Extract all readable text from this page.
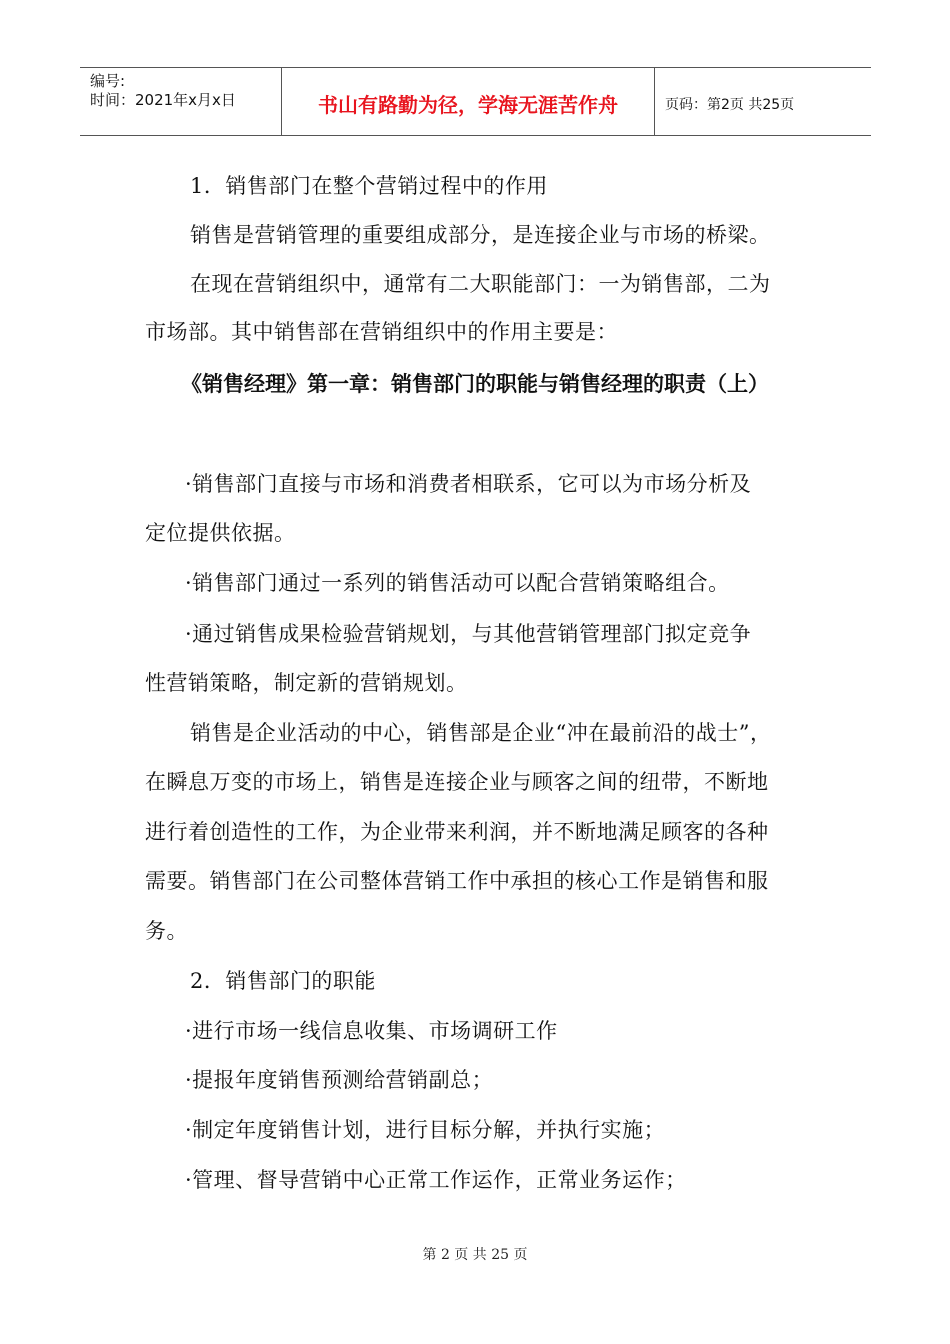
编号:
时间：2021年x月x日	书山有路勤为径，学海无涯苦作舟	页码：第2页 共25页
1．销售部门在整个营销过程中的作用
销售是营销管理的重要组成部分，是连接企业与市场的桥梁。
在现在营销组织中，通常有二大职能部门：一为销售部，二为
市场部。其中销售部在营销组织中的作用主要是：
《销售经理》第一章：销售部门的职能与销售经理的职责（上）
·销售部门直接与市场和消费者相联系，它可以为市场分析及
定位提供依据。
·销售部门通过一系列的销售活动可以配合营销策略组合。
·通过销售成果检验营销规划，与其他营销管理部门拟定竞争
性营销策略，制定新的营销规划。
销售是企业活动的中心，销售部是企业“冲在最前沿的战士”，
在瞬息万变的市场上，销售是连接企业与顾客之间的纽带，不断地
进行着创造性的工作，为企业带来利润，并不断地满足顾客的各种
需要。销售部门在公司整体营销工作中承担的核心工作是销售和服
务。
2．销售部门的职能
·进行市场一线信息收集、市场调研工作
·提报年度销售预测给营销副总；
·制定年度销售计划，进行目标分解，并执行实施；
·管理、督导营销中心正常工作运作，正常业务运作；
第 2 页 共 25 页
